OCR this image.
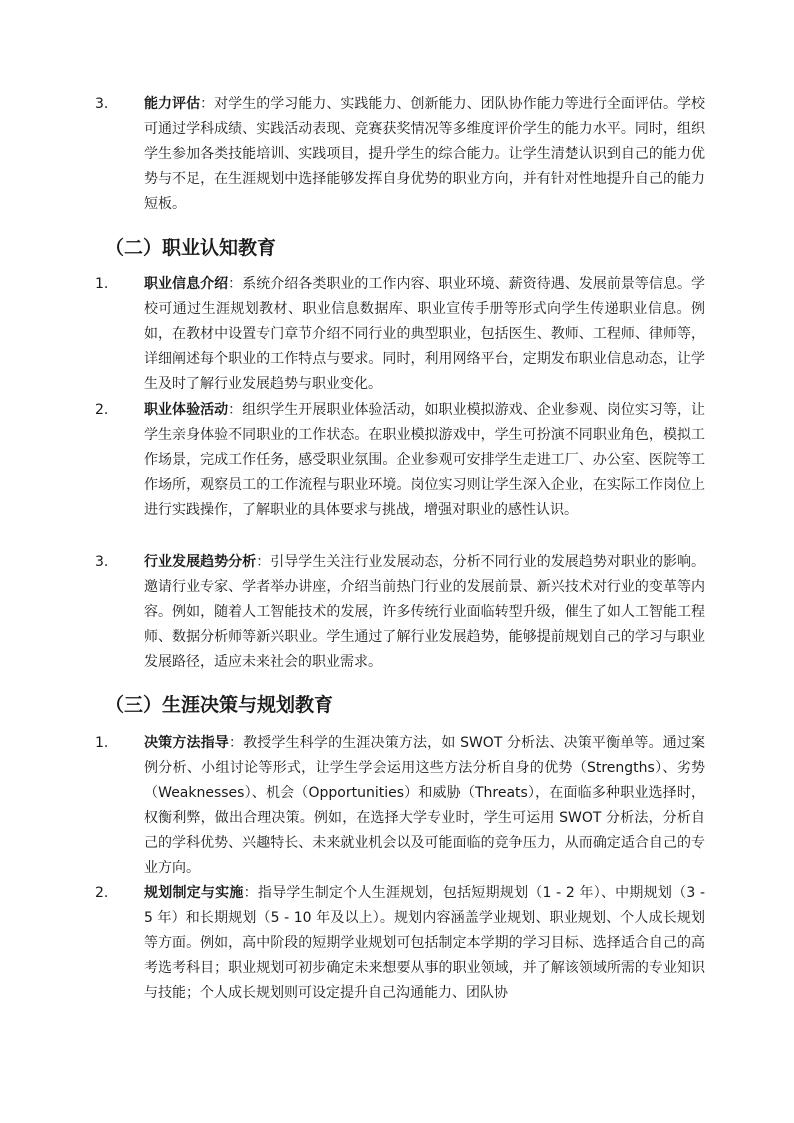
3.	能力评估：对学生的学习能力、实践能力、创新能力、团队协作能力等进行全面评估。学校可通过学科成绩、实践活动表现、竞赛获奖情况等多维度评价学生的能力水平。同时，组织学生参加各类技能培训、实践项目，提升学生的综合能力。让学生清楚认识到自己的能力优势与不足，在生涯规划中选择能够发挥自身优势的职业方向，并有针对性地提升自己的能力短板。
（二）职业认知教育
1.	职业信息介绍：系统介绍各类职业的工作内容、职业环境、薪资待遇、发展前景等信息。学校可通过生涯规划教材、职业信息数据库、职业宣传手册等形式向学生传递职业信息。例如，在教材中设置专门章节介绍不同行业的典型职业，包括医生、教师、工程师、律师等，详细阐述每个职业的工作特点与要求。同时，利用网络平台，定期发布职业信息动态，让学生及时了解行业发展趋势与职业变化。
2.	职业体验活动：组织学生开展职业体验活动，如职业模拟游戏、企业参观、岗位实习等，让学生亲身体验不同职业的工作状态。在职业模拟游戏中，学生可扮演不同职业角色，模拟工作场景，完成工作任务，感受职业氛围。企业参观可安排学生走进工厂、办公室、医院等工作场所，观察员工的工作流程与职业环境。岗位实习则让学生深入企业，在实际工作岗位上进行实践操作，了解职业的具体要求与挑战，增强对职业的感性认识。
3.	行业发展趋势分析：引导学生关注行业发展动态，分析不同行业的发展趋势对职业的影响。邀请行业专家、学者举办讲座，介绍当前热门行业的发展前景、新兴技术对行业的变革等内容。例如，随着人工智能技术的发展，许多传统行业面临转型升级，催生了如人工智能工程师、数据分析师等新兴职业。学生通过了解行业发展趋势，能够提前规划自己的学习与职业发展路径，适应未来社会的职业需求。
（三）生涯决策与规划教育
1.	决策方法指导：教授学生科学的生涯决策方法，如 SWOT 分析法、决策平衡单等。通过案例分析、小组讨论等形式，让学生学会运用这些方法分析自身的优势（Strengths）、劣势（Weaknesses）、机会（Opportunities）和威胁（Threats），在面临多种职业选择时，权衡利弊，做出合理决策。例如，在选择大学专业时，学生可运用 SWOT 分析法，分析自己的学科优势、兴趣特长、未来就业机会以及可能面临的竞争压力，从而确定适合自己的专业方向。
2.	规划制定与实施：指导学生制定个人生涯规划，包括短期规划（1 - 2 年）、中期规划（3 - 5 年）和长期规划（5 - 10 年及以上）。规划内容涵盖学业规划、职业规划、个人成长规划等方面。例如，高中阶段的短期学业规划可包括制定本学期的学习目标、选择适合自己的高考选考科目；职业规划可初步确定未来想要从事的职业领域，并了解该领域所需的专业知识与技能；个人成长规划则可设定提升自己沟通能力、团队协
